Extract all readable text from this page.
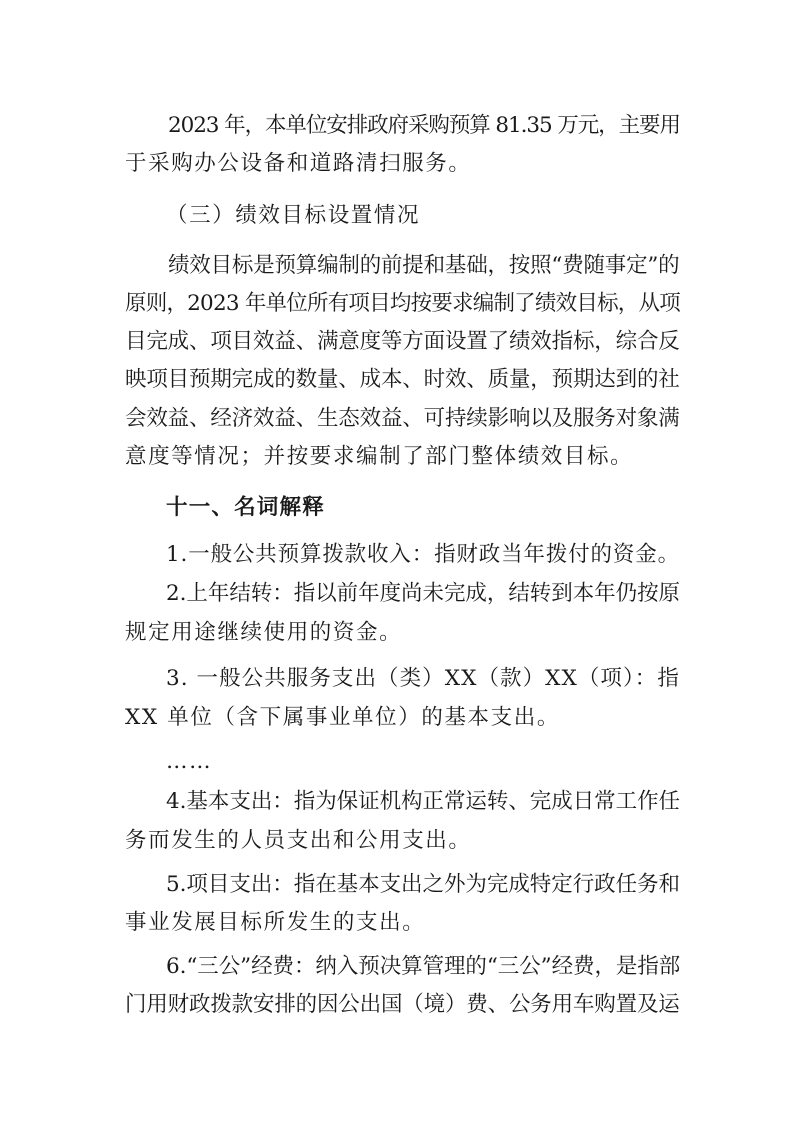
2023 年，本单位安排政府采购预算 81.35 万元，主要用
于采购办公设备和道路清扫服务。
（三）绩效目标设置情况
绩效目标是预算编制的前提和基础，按照“费随事定”的
原则，2023 年单位所有项目均按要求编制了绩效目标，从项
目完成、项目效益、满意度等方面设置了绩效指标，综合反
映项目预期完成的数量、成本、时效、质量，预期达到的社
会效益、经济效益、生态效益、可持续影响以及服务对象满
意度等情况；并按要求编制了部门整体绩效目标。
十一、名词解释
1.一般公共预算拨款收入：指财政当年拨付的资金。
2.上年结转：指以前年度尚未完成，结转到本年仍按原
规定用途继续使用的资金。
3. 一般公共服务支出（类）XX（款）XX（项）：指
XX 单位（含下属事业单位）的基本支出。
……
4.基本支出：指为保证机构正常运转、完成日常工作任
务而发生的人员支出和公用支出。
5.项目支出：指在基本支出之外为完成特定行政任务和
事业发展目标所发生的支出。
6.“三公”经费：纳入预决算管理的“三公”经费，是指部
门用财政拨款安排的因公出国（境）费、公务用车购置及运
